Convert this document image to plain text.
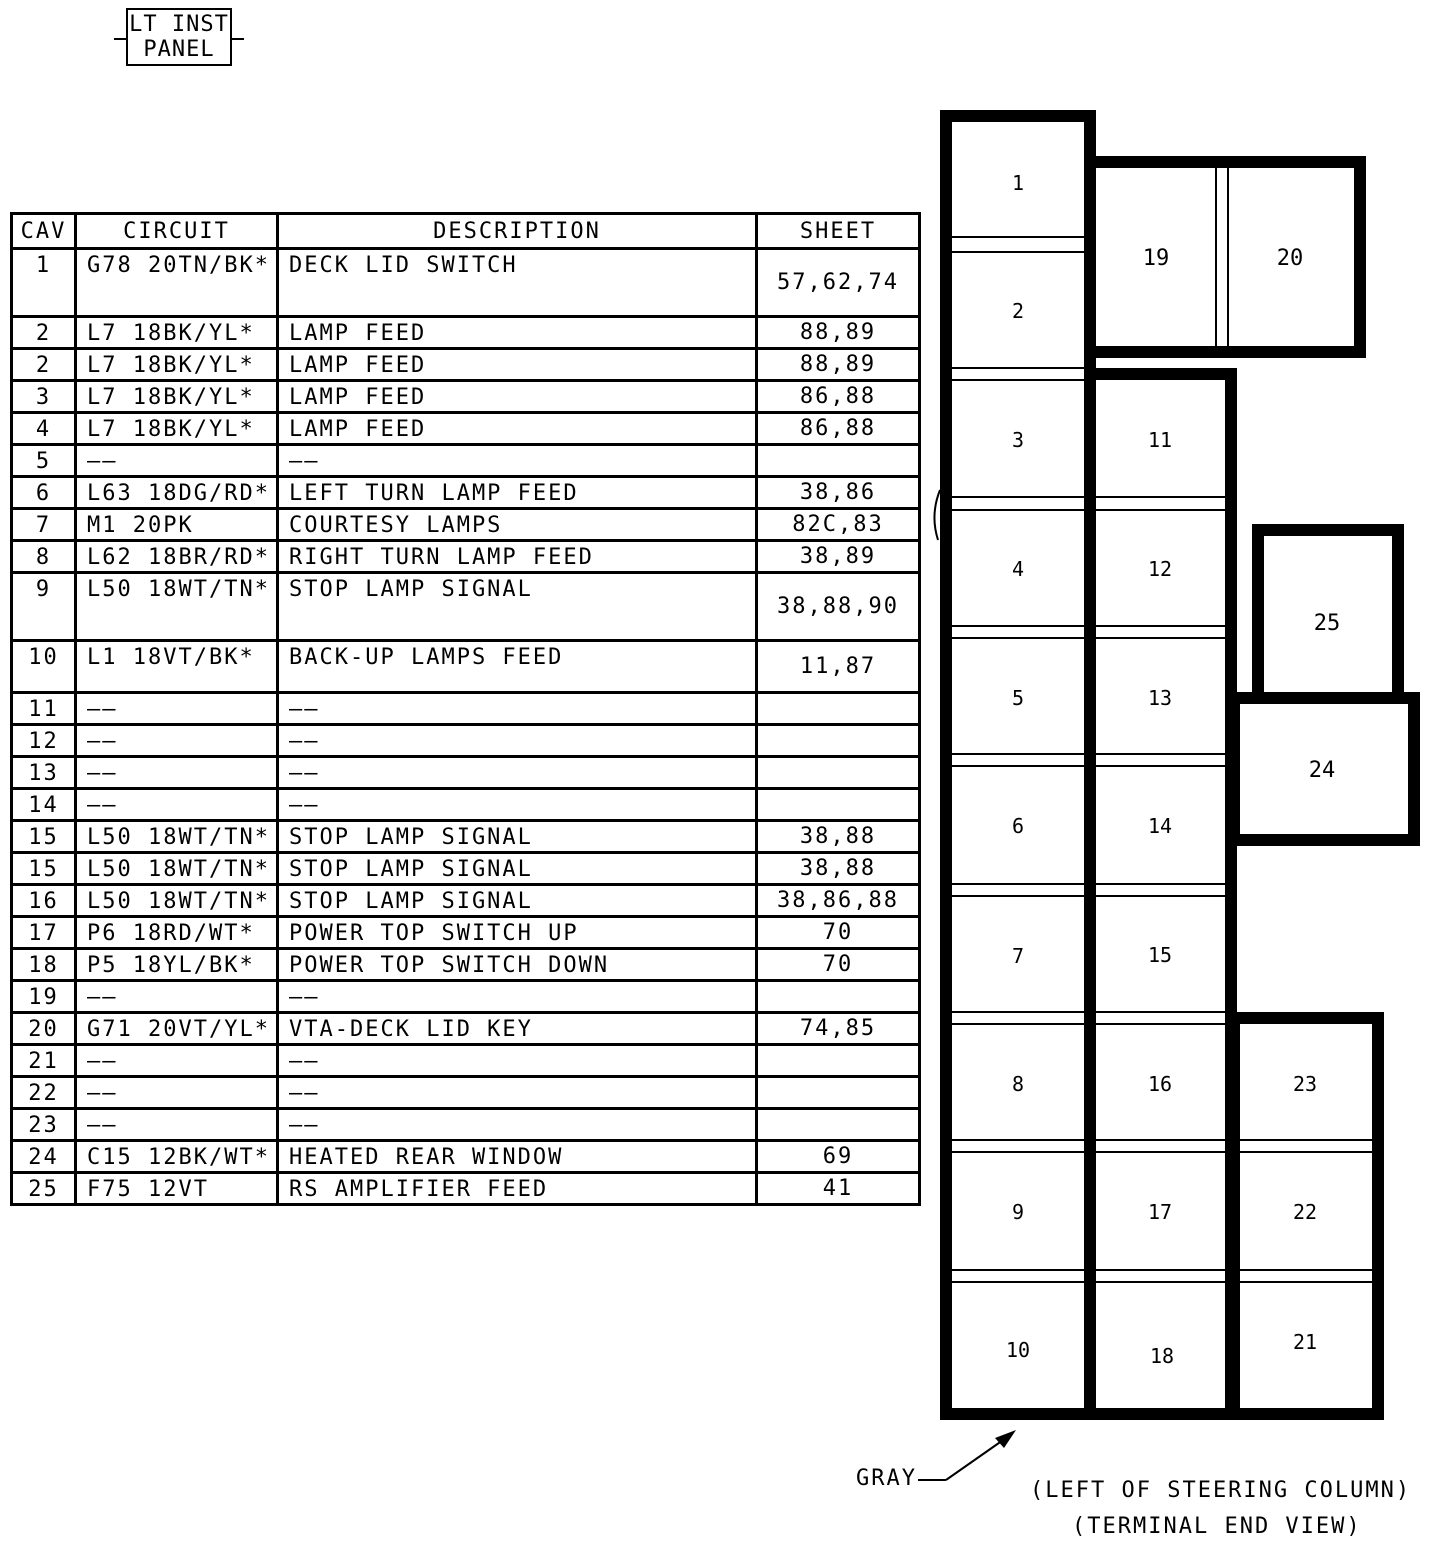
LT INST
PANEL
CAV	CIRCUIT	DESCRIPTION	SHEET
1	G78 20TN/BK*	DECK LID SWITCH	57,62,74
2	L7 18BK/YL*	LAMP FEED	88,89
2	L7 18BK/YL*	LAMP FEED	88,89
3	L7 18BK/YL*	LAMP FEED	86,88
4	L7 18BK/YL*	LAMP FEED	86,88
5	——	——	
6	L63 18DG/RD*	LEFT TURN LAMP FEED	38,86
7	M1 20PK	COURTESY LAMPS	82C,83
8	L62 18BR/RD*	RIGHT TURN LAMP FEED	38,89
9	L50 18WT/TN*	STOP LAMP SIGNAL	38,88,90
10	L1 18VT/BK*	BACK-UP LAMPS FEED	11,87
11	——	——	
12	——	——	
13	——	——	
14	——	——	
15	L50 18WT/TN*	STOP LAMP SIGNAL	38,88
15	L50 18WT/TN*	STOP LAMP SIGNAL	38,88
16	L50 18WT/TN*	STOP LAMP SIGNAL	38,86,88
17	P6 18RD/WT*	POWER TOP SWITCH UP	70
18	P5 18YL/BK*	POWER TOP SWITCH DOWN	70
19	——	——	
20	G71 20VT/YL*	VTA-DECK LID KEY	74,85
21	——	——	
22	——	——	
23	——	——	
24	C15 12BK/WT*	HEATED REAR WINDOW	69
25	F75 12VT	RS AMPLIFIER FEED	41
1
2
3
4
5
6
7
8
9
10
11
12
13
14
15
16
17
18
19	20
21
22
23
24
25
GRAY	(LEFT OF STEERING COLUMN)
(TERMINAL END VIEW)
